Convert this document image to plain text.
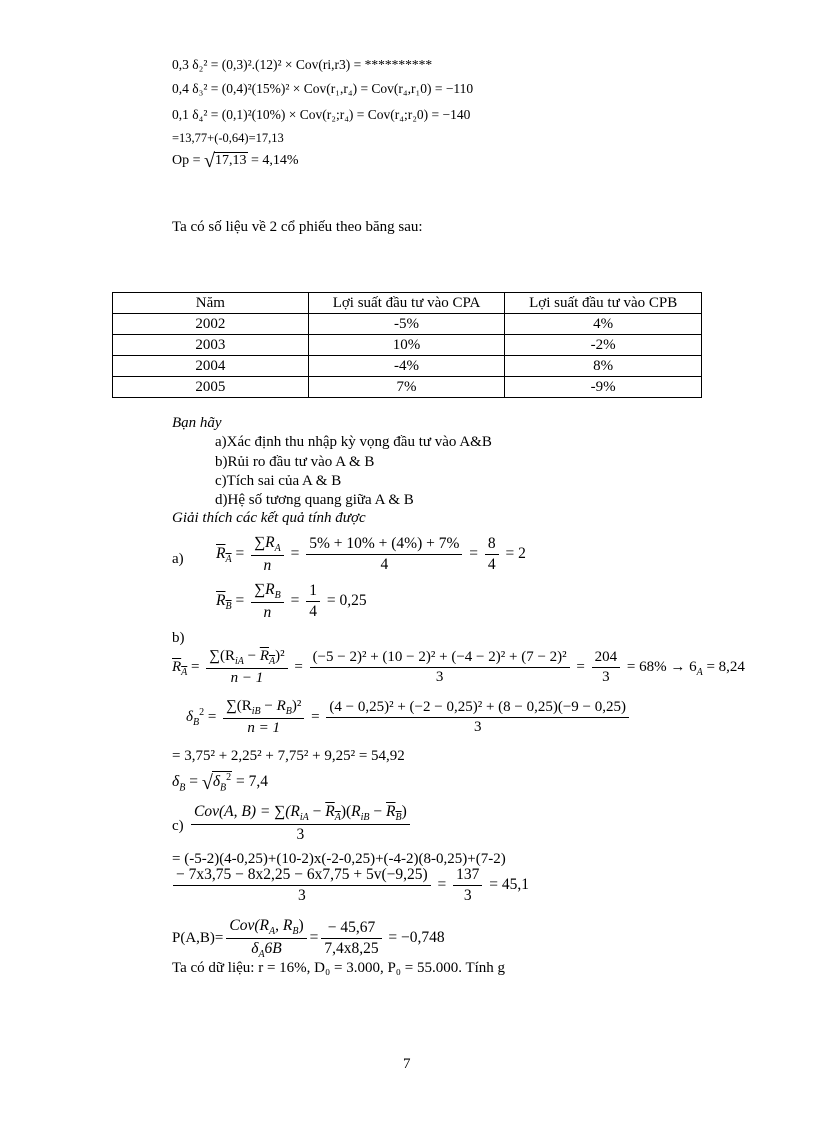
0,3 δ₂² = (0,3)².(12)² × Cov(ri,r3) = **********
0,4 δ₃² = (0,4)²(15%)² × Cov(r₁,r₄) = Cov(r₄,r₁0) = −110
0,1 δ₄² = (0,1)²(10%) × Cov(r₂;r₄) = Cov(r₄;r₂0) = −140
=13,77+(-0,64)=17,13
Op = √17,13 = 4,14%
Ta có số liệu về 2 cổ phiếu theo băng sau:
Năm	Lợi suất đầu tư vào CPA	Lợi suất đầu tư vào CPB
2002	-5%	4%
2003	10%	-2%
2004	-4%	8%
2005	7%	-9%
Bạn hãy
a)Xác định thu nhập kỳ vọng đầu tư vào A&B
b)Rủi ro đầu tư vào A & B
c)Tích sai của A & B
d)Hệ số tương quang giữa A & B
Giải thích các kết quả tính được
a) $R_A = \frac{\sum R_A}{n} = \frac{5\% + 10\% + (4\%) + 7\%}{4} = \frac{8}{4} = 2$
$R_B = \frac{\sum R_B}{n} = \frac{1}{4} = 0,25$
b)
$R_A = \frac{\sum(R_{iA} - R_A)^2}{n - 1} = \frac{\text{(−5 − 2)² + (10 − 2)² + (−4 − 2)² + (7 − 2)²}}{3} = \frac{204}{3} = 68\% \to 6_A = 8,24$
$\delta_B^2 = \frac{\sum(R_{iB} - R_B)^2}{n = 1} = \frac{\text{(4 − 0,25)² + (−2 − 0,25)² + (8 − 0,25)(−9 − 0,25)}}{3}$
= 3,75² + 2,25² + 7,75² + 9,25² = 54,92
$\delta_B = √\delta_B^2 = 7,4$
$c) \frac{Cov(A, B) = \sum(R_{iA} - R_A)(R_{iB} - R_B)}{3}$
= (-5-2)(4-0,25)+(10-2)x(-2-0,25)+(-4-2)(8-0,25)+(7-2)
$\frac{- 7x3,75 - 8x2,25 - 6x7,75 + 5v(-9,25)}{3} = \frac{137}{3} = 45,1$
$P(A,B)= \frac{Cov(R_A, R_B)}{\delta_A6B} = \frac{- 45,67}{7,4x8,25} = -0,748$
Ta có dữ liệu: r = 16%, D₀ = 3.000, P₀ = 55.000. Tính g
7
